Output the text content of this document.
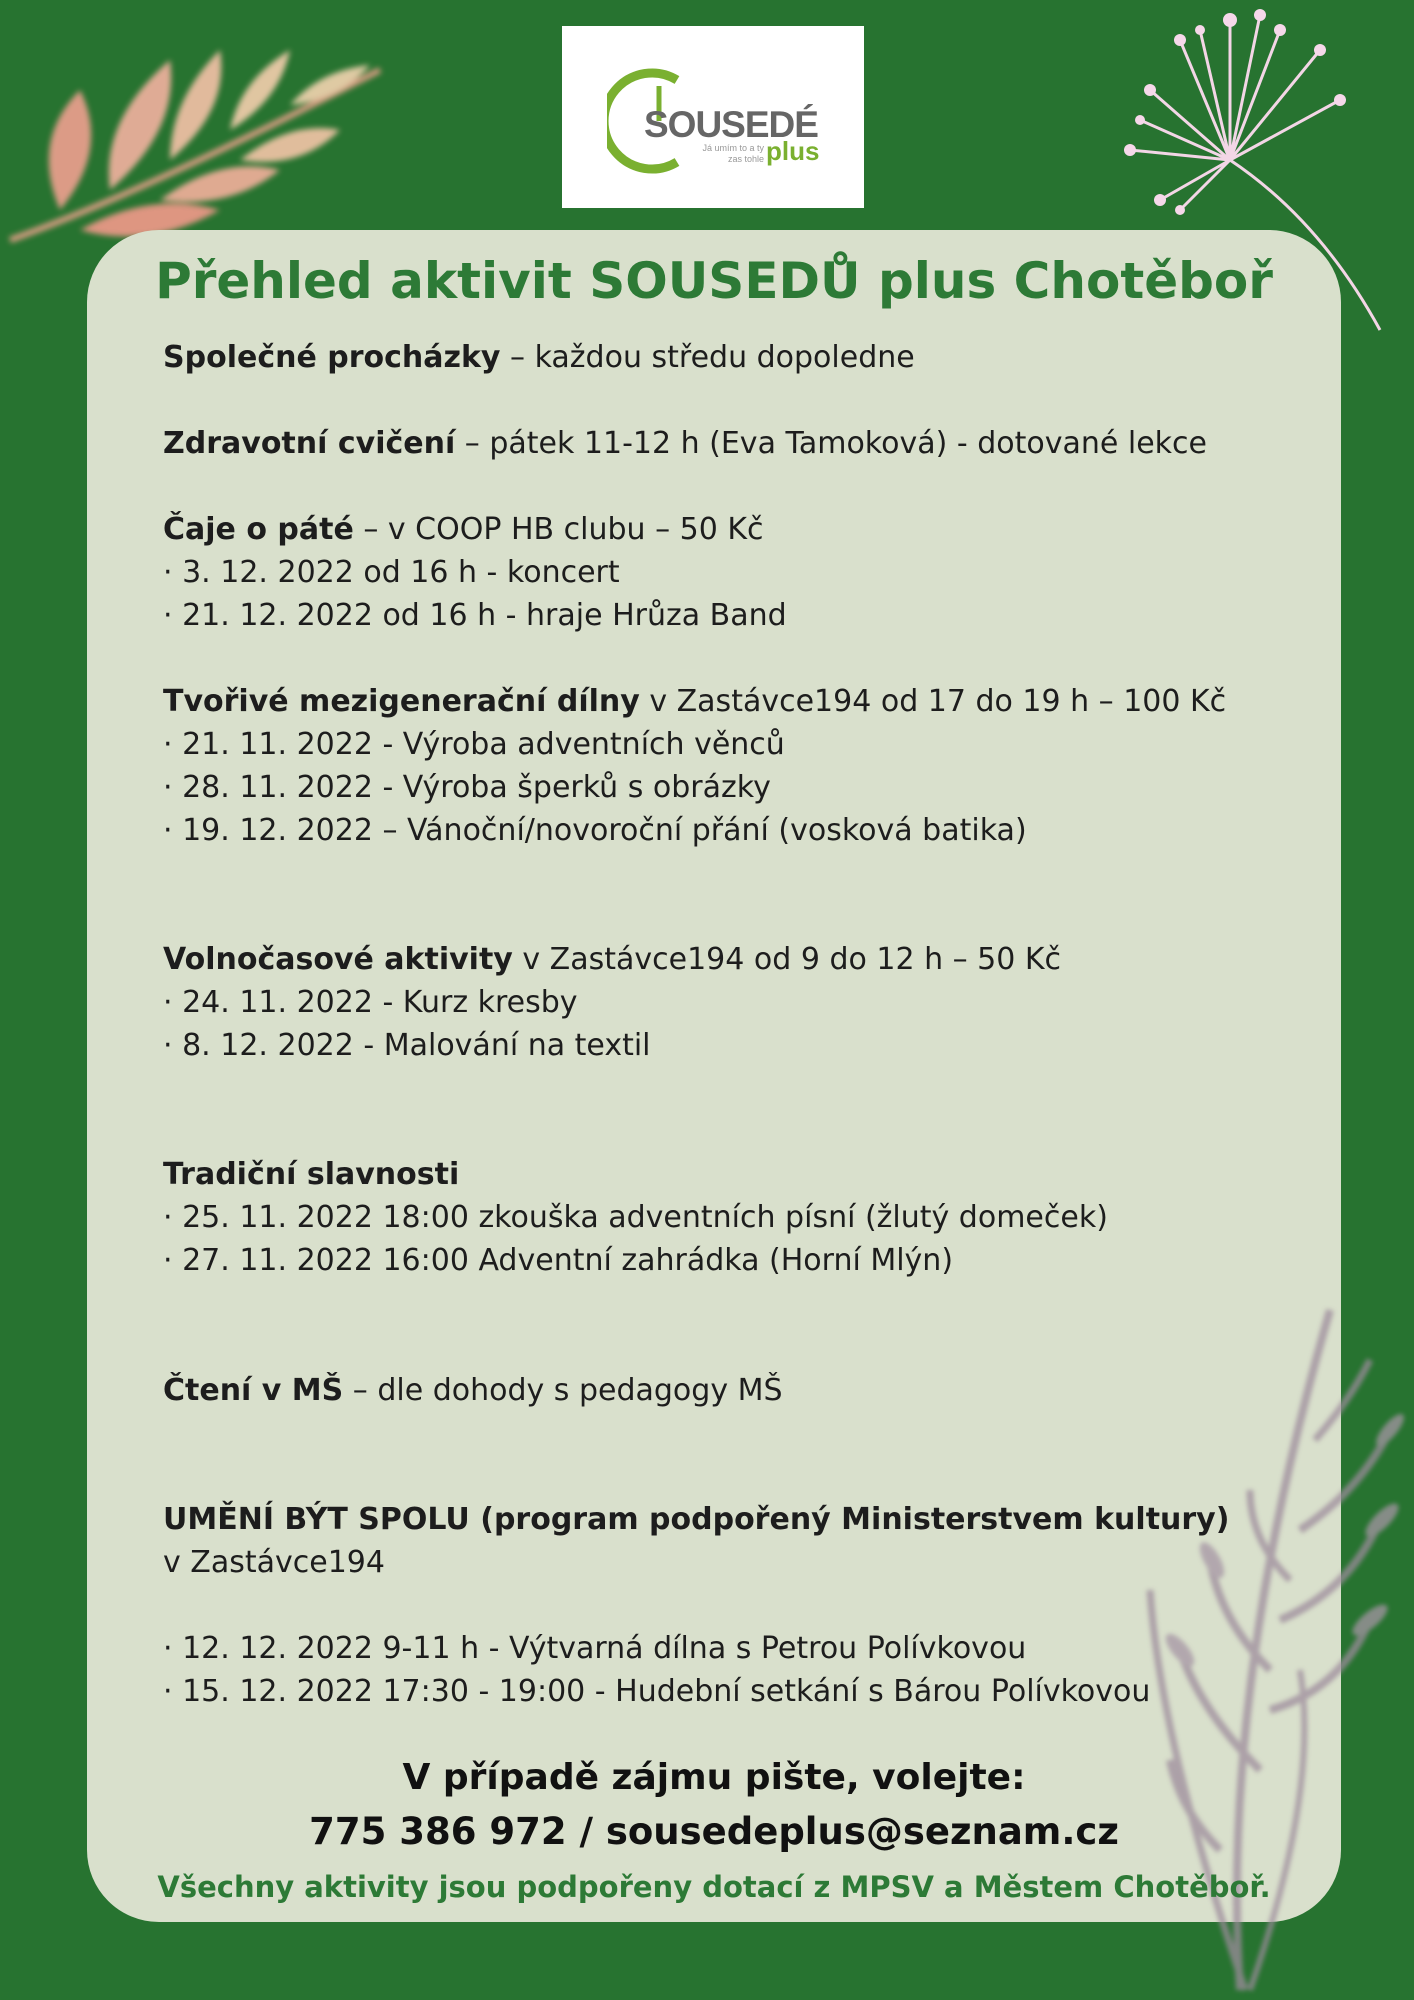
SOUSEDÉ
plus
Já umím to a ty zas tohle
Přehled aktivit SOUSEDŮ plus Chotěboř
Společné procházky – každou středu dopoledne
Zdravotní cvičení – pátek 11-12 h (Eva Tamoková) - dotované lekce
Čaje o páté – v COOP HB clubu – 50 Kč
· 3. 12. 2022 od 16 h - koncert
· 21. 12. 2022 od 16 h - hraje Hrůza Band
Tvořivé mezigenerační dílny v Zastávce194 od 17 do 19 h – 100 Kč
· 21. 11. 2022 - Výroba adventních věnců
· 28. 11. 2022 - Výroba šperků s obrázky
· 19. 12. 2022 – Vánoční/novoroční přání (vosková batika)
Volnočasové aktivity v Zastávce194 od 9 do 12 h – 50 Kč
· 24. 11. 2022 - Kurz kresby
· 8. 12. 2022 - Malování na textil
Tradiční slavnosti
· 25. 11. 2022 18:00 zkouška adventních písní (žlutý domeček)
· 27. 11. 2022 16:00 Adventní zahrádka (Horní Mlýn)
Čtení v MŠ – dle dohody s pedagogy MŠ
UMĚNÍ BÝT SPOLU (program podpořený Ministerstvem kultury)
v Zastávce194
· 12. 12. 2022 9-11 h - Výtvarná dílna s Petrou Polívkovou
· 15. 12. 2022 17:30 - 19:00 - Hudební setkání s Bárou Polívkovou
V případě zájmu pište, volejte:
775 386 972 / sousedeplus@seznam.cz
Všechny aktivity jsou podpořeny dotací z MPSV a Městem Chotěboř.
